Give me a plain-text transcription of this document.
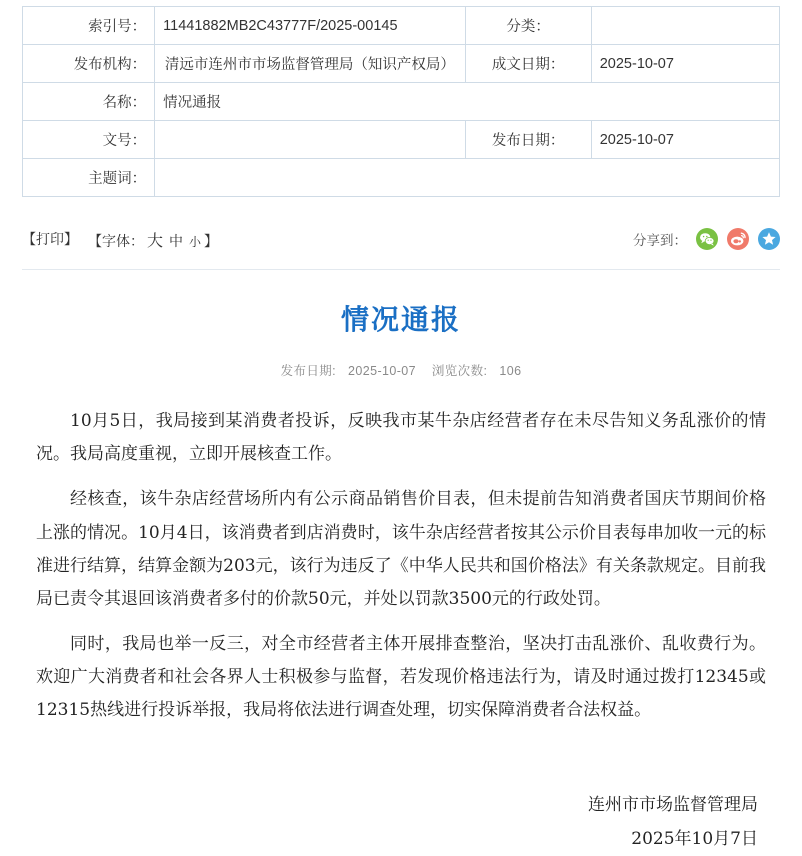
索引号：	11441882MB2C43777F/2025-00145	分类：	
发布机构：	清远市连州市市场监督管理局（知识产权局）	成文日期：	2025-10-07
名称：	情况通报		
文号：		发布日期：	2025-10-07
主题词：			
【打印】 【字体： 大 中 小 】	分享到：
情况通报
发布日期: 2025-10-07 浏览次数: 106

10月5日，我局接到某消费者投诉，反映我市某牛杂店经营者存在未尽告知义务乱涨价的情况。我局高度重视，立即开展核查工作。

经核查，该牛杂店经营场所内有公示商品销售价目表，但未提前告知消费者国庆节期间价格上涨的情况。10月4日，该消费者到店消费时，该牛杂店经营者按其公示价目表每串加收一元的标准进行结算，结算金额为203元，该行为违反了《中华人民共和国价格法》有关条款规定。目前我局已责令其退回该消费者多付的价款50元，并处以罚款3500元的行政处罚。

同时，我局也举一反三，对全市经营者主体开展排查整治，坚决打击乱涨价、乱收费行为。欢迎广大消费者和社会各界人士积极参与监督，若发现价格违法行为，请及时通过拨打12345或12315热线进行投诉举报，我局将依法进行调查处理，切实保障消费者合法权益。

连州市市场监督管理局
2025年10月7日
